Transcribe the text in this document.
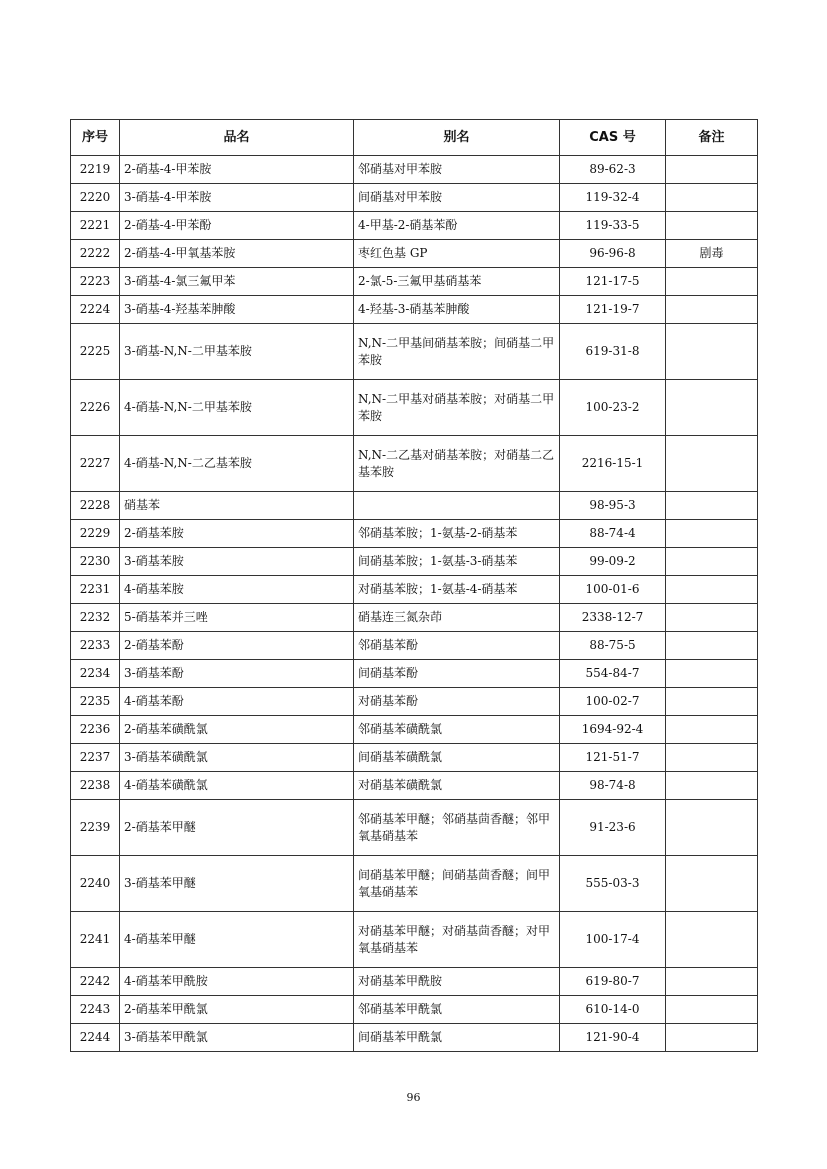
序号	品名	别名	CAS 号	备注
2219	2-硝基-4-甲苯胺	邻硝基对甲苯胺	89-62-3	
2220	3-硝基-4-甲苯胺	间硝基对甲苯胺	119-32-4	
2221	2-硝基-4-甲苯酚	4-甲基-2-硝基苯酚	119-33-5	
2222	2-硝基-4-甲氧基苯胺	枣红色基 GP	96-96-8	剧毒
2223	3-硝基-4-氯三氟甲苯	2-氯-5-三氟甲基硝基苯	121-17-5	
2224	3-硝基-4-羟基苯胂酸	4-羟基-3-硝基苯胂酸	121-19-7	
2225	3-硝基-N,N-二甲基苯胺	N,N-二甲基间硝基苯胺；间硝基二甲苯胺	619-31-8	
2226	4-硝基-N,N-二甲基苯胺	N,N-二甲基对硝基苯胺；对硝基二甲苯胺	100-23-2	
2227	4-硝基-N,N-二乙基苯胺	N,N-二乙基对硝基苯胺；对硝基二乙基苯胺	2216-15-1	
2228	硝基苯		98-95-3	
2229	2-硝基苯胺	邻硝基苯胺；1-氨基-2-硝基苯	88-74-4	
2230	3-硝基苯胺	间硝基苯胺；1-氨基-3-硝基苯	99-09-2	
2231	4-硝基苯胺	对硝基苯胺；1-氨基-4-硝基苯	100-01-6	
2232	5-硝基苯并三唑	硝基连三氮杂茚	2338-12-7	
2233	2-硝基苯酚	邻硝基苯酚	88-75-5	
2234	3-硝基苯酚	间硝基苯酚	554-84-7	
2235	4-硝基苯酚	对硝基苯酚	100-02-7	
2236	2-硝基苯磺酰氯	邻硝基苯磺酰氯	1694-92-4	
2237	3-硝基苯磺酰氯	间硝基苯磺酰氯	121-51-7	
2238	4-硝基苯磺酰氯	对硝基苯磺酰氯	98-74-8	
2239	2-硝基苯甲醚	邻硝基苯甲醚；邻硝基茴香醚；邻甲氧基硝基苯	91-23-6	
2240	3-硝基苯甲醚	间硝基苯甲醚；间硝基茴香醚；间甲氧基硝基苯	555-03-3	
2241	4-硝基苯甲醚	对硝基苯甲醚；对硝基茴香醚；对甲氧基硝基苯	100-17-4	
2242	4-硝基苯甲酰胺	对硝基苯甲酰胺	619-80-7	
2243	2-硝基苯甲酰氯	邻硝基苯甲酰氯	610-14-0	
2244	3-硝基苯甲酰氯	间硝基苯甲酰氯	121-90-4	
96
